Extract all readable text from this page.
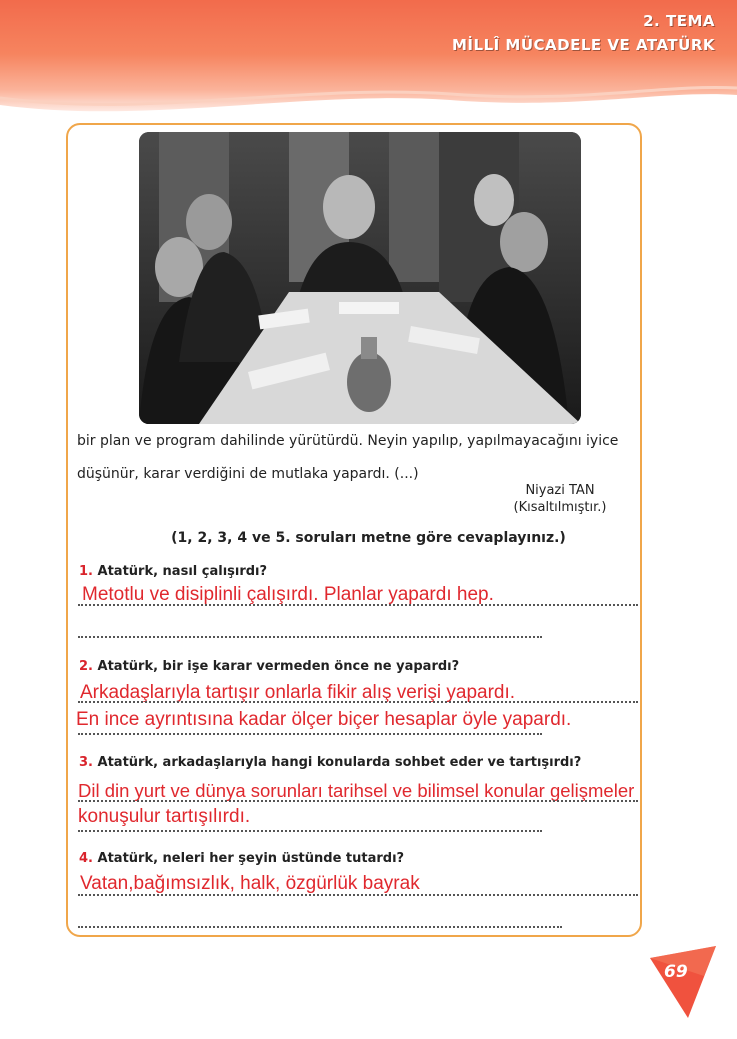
2. TEMA
MİLLÎ MÜCADELE VE ATATÜRK
bir plan ve program dahilinde yürütürdü. Neyin yapılıp, yapılmayacağını iyice
düşünür, karar verdiğini de mutlaka yapardı. (...)
Niyazi TAN
(Kısaltılmıştır.)
(1, 2, 3, 4 ve 5. soruları metne göre cevaplayınız.)
1. Atatürk, nasıl çalışırdı?
Metotlu ve disiplinli çalışırdı. Planlar yapardı hep.
2. Atatürk, bir işe karar vermeden önce ne yapardı?
Arkadaşlarıyla tartışır onlarla fikir alış verişi yapardı.
En ince ayrıntısına kadar ölçer biçer hesaplar öyle yapardı.
3. Atatürk, arkadaşlarıyla hangi konularda sohbet eder ve tartışırdı?
Dil din yurt ve dünya sorunları tarihsel ve bilimsel konular gelişmeler
konuşulur tartışılırdı.
4. Atatürk, neleri her şeyin üstünde tutardı?
Vatan,bağımsızlık, halk, özgürlük bayrak
69
